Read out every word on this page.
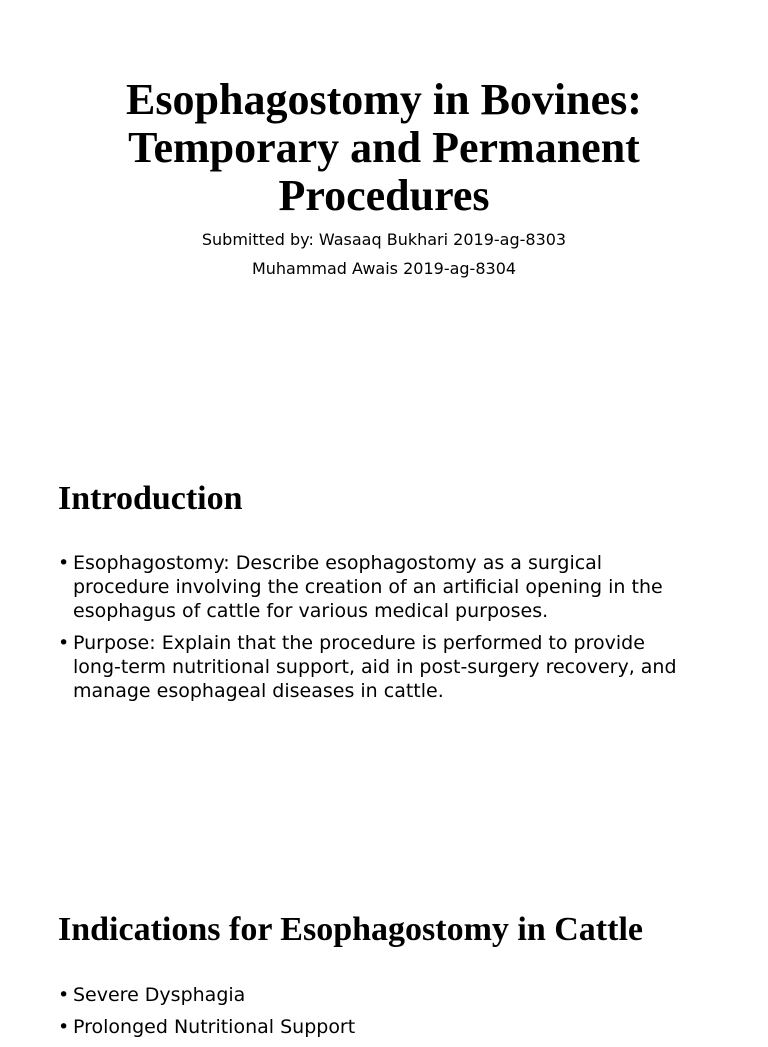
Esophagostomy in Bovines: Temporary and Permanent Procedures

Submitted by: Wasaaq Bukhari 2019-ag-8303

Muhammad Awais 2019-ag-8304

Introduction
• Esophagostomy: Describe esophagostomy as a surgical procedure involving the creation of an artificial opening in the esophagus of cattle for various medical purposes.
• Purpose: Explain that the procedure is performed to provide long-term nutritional support, aid in post-surgery recovery, and manage esophageal diseases in cattle.
Indications for Esophagostomy in Cattle
• Severe Dysphagia
• Prolonged Nutritional Support
